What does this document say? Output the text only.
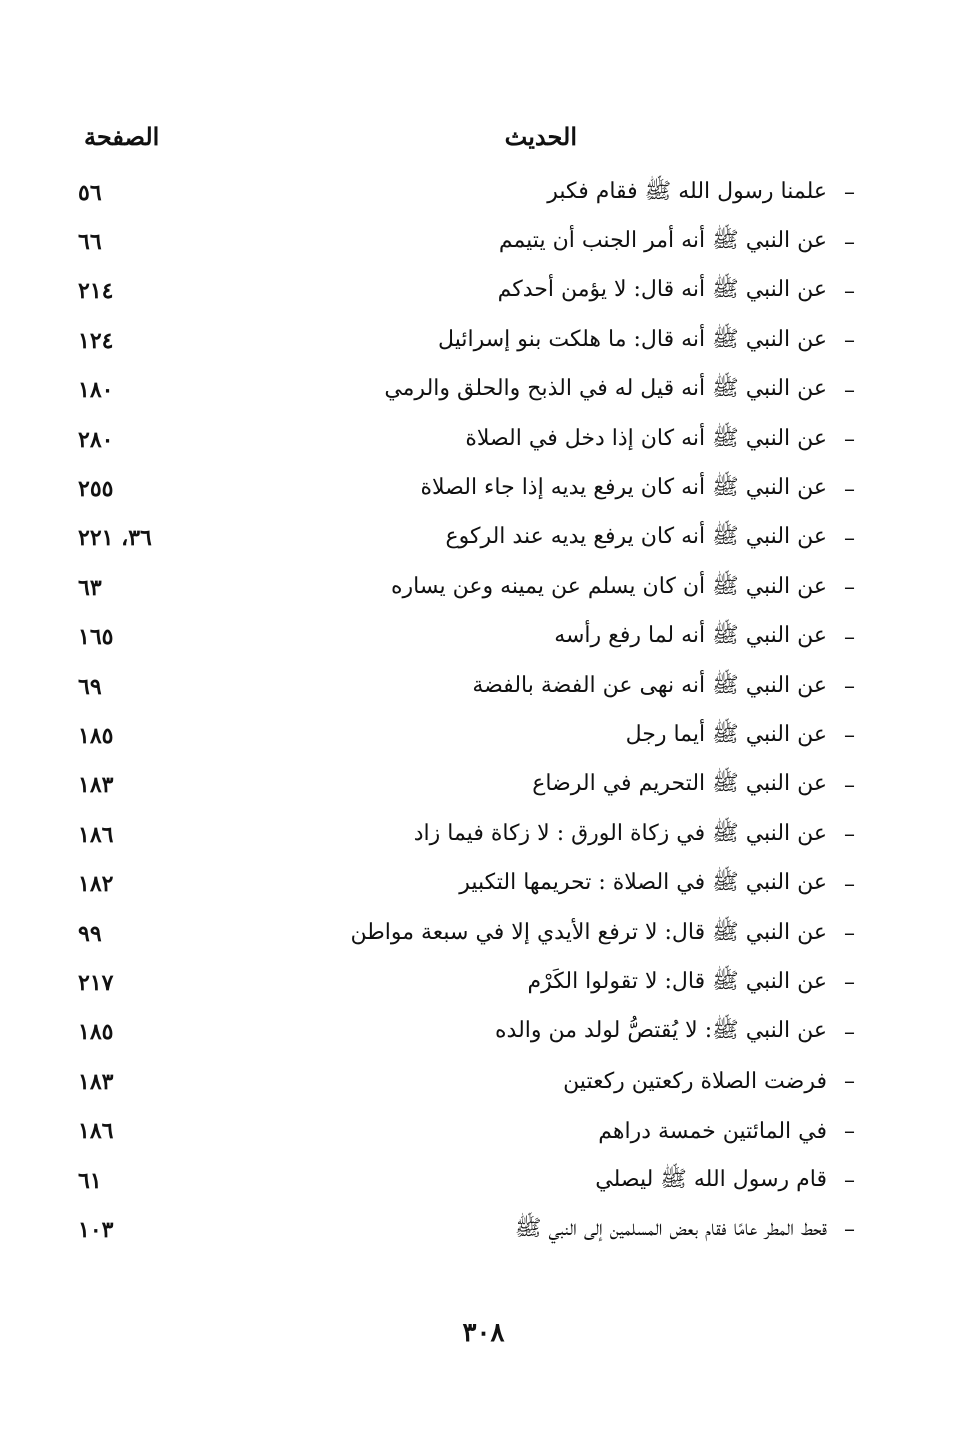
الحديث
الصفحة
–
علمنا رسول الله ﷺ فقام فكبر
٥٦
–
عن النبي ﷺ أنه أمر الجنب أن يتيمم
٦٦
–
عن النبي ﷺ أنه قال: لا يؤمن أحدكم
٢١٤
–
عن النبي ﷺ أنه قال: ما هلكت بنو إسرائيل
١٢٤
–
عن النبي ﷺ أنه قيل له في الذبح والحلق والرمي
١٨٠
–
عن النبي ﷺ أنه كان إذا دخل في الصلاة
٢٨٠
–
عن النبي ﷺ أنه كان يرفع يديه إذا جاء الصلاة
٢٥٥
–
عن النبي ﷺ أنه كان يرفع يديه عند الركوع
٣٦، ٢٢١
–
عن النبي ﷺ أن كان يسلم عن يمينه وعن يساره
٦٣
–
عن النبي ﷺ أنه لما رفع رأسه
١٦٥
–
عن النبي ﷺ أنه نهى عن الفضة بالفضة
٦٩
–
عن النبي ﷺ أيما رجل
١٨٥
–
عن النبي ﷺ التحريم في الرضاع
١٨٣
–
عن النبي ﷺ في زكاة الورق : لا زكاة فيما زاد
١٨٦
–
عن النبي ﷺ في الصلاة : تحريمها التكبير
١٨٢
–
عن النبي ﷺ قال: لا ترفع الأيدي إلا في سبعة مواطن
٩٩
–
عن النبي ﷺ قال: لا تقولوا الكَرْم
٢١٧
–
عن النبي ﷺ: لا يُقتصُّ لولد من والده
١٨٥
–
فرضت الصلاة ركعتين ركعتين
١٨٣
–
في المائتين خمسة دراهم
١٨٦
–
قام رسول الله ﷺ ليصلي
٦١
–
قحط المطر عامًا فقام بعض المسلمين إلى النبي ﷺ
١٠٣
٣٠٨
